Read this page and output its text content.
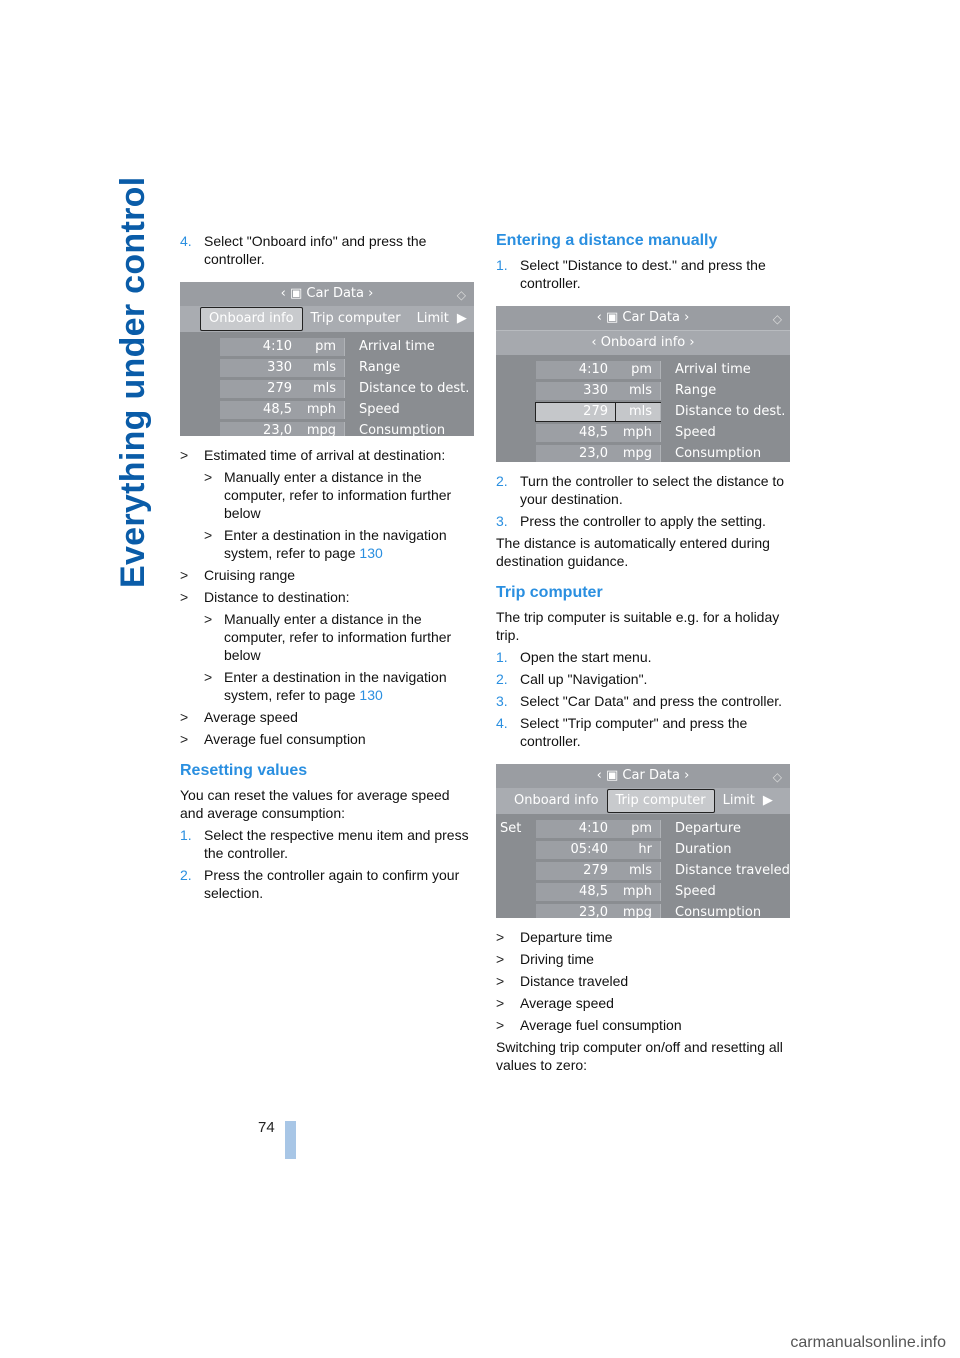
Everything under control 4. Select "Onboard info" and press the controller.
‹ ▣ Car Data ›	◇
Onboard info	Trip computer	Limit ▶
4:10	pm	Arrival time
330	mls	Range
279	mls	Distance to dest.
48,5	mph	Speed
23,0	mpg	Consumption
> Estimated time of arrival at destination:
> Manually enter a distance in the computer, refer to information further below
> Enter a destination in the navigation system, refer to page 130
> Cruising range
> Distance to destination:
> Manually enter a distance in the computer, refer to information further below
> Enter a destination in the navigation system, refer to page 130
> Average speed
> Average fuel consumption
Resetting values

You can reset the values for average speed and average consumption:

1. Select the respective menu item and press the controller.
2. Press the controller again to confirm your selection.
Entering a distance manually
1. Select "Distance to dest." and press the controller.
‹ ▣ Car Data ›	◇
‹ Onboard info ›
4:10	pm	Arrival time
330	mls	Range
279	mls	Distance to dest.
48,5	mph	Speed
23,0	mpg	Consumption
2. Turn the controller to select the distance to your destination.
3. Press the controller to apply the setting.

The distance is automatically entered during destination guidance.

Trip computer

The trip computer is suitable e.g. for a holiday trip.

1. Open the start menu.
2. Call up "Navigation".
3. Select "Car Data" and press the controller.
4. Select "Trip computer" and press the controller.
‹ ▣ Car Data ›	◇
Onboard info	Trip computer	Limit ▶
Set	4:10	pm	Departure
05:40	hr	Duration
279	mls	Distance traveled
48,5	mph	Speed
23,0	mpg	Consumption
> Departure time
> Driving time
> Distance traveled
> Average speed
> Average fuel consumption

Switching trip computer on/off and resetting all values to zero:

74
carmanualsonline.info
